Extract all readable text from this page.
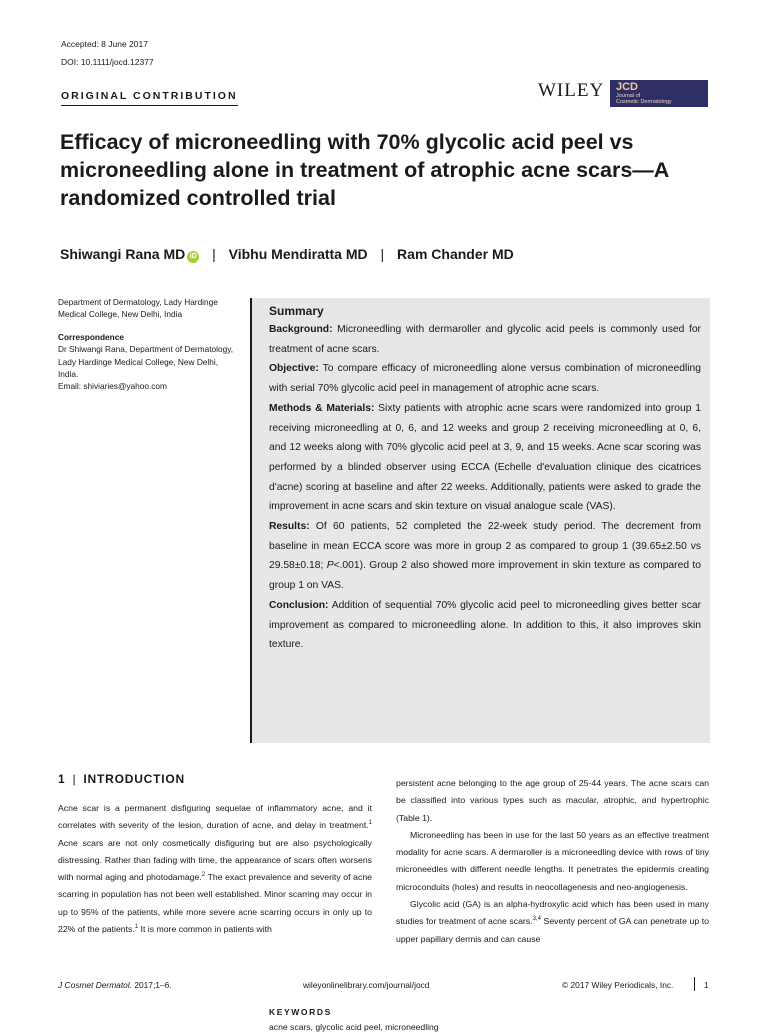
Accepted: 8 June 2017
DOI: 10.1111/jocd.12377
ORIGINAL CONTRIBUTION	WILEY JCD
Journal of
Cosmetic Dermatology
Efficacy of microneedling with 70% glycolic acid peel vs microneedling alone in treatment of atrophic acne scars—A randomized controlled trial
Shiwangi Rana MD iD | Vibhu Mendiratta MD | Ram Chander MD
Department of Dermatology, Lady Hardinge Medical College, New Delhi, India
Correspondence
Dr Shiwangi Rana, Department of Dermatology, Lady Hardinge Medical College, New Delhi, India.
Email: shiviaries@yahoo.com
Summary

Background: Microneedling with dermaroller and glycolic acid peels is commonly used for treatment of acne scars.

Objective: To compare efficacy of microneedling alone versus combination of microneedling with serial 70% glycolic acid peel in management of atrophic acne scars.

Methods & Materials: Sixty patients with atrophic acne scars were randomized into group 1 receiving microneedling at 0, 6, and 12 weeks and group 2 receiving microneedling at 0, 6, and 12 weeks along with 70% glycolic acid peel at 3, 9, and 15 weeks. Acne scar scoring was performed by a blinded observer using ECCA (Echelle d'evaluation clinique des cicatrices d'acne) scoring at baseline and after 22 weeks. Additionally, patients were asked to grade the improvement in acne scars and skin texture on visual analogue scale (VAS).

Results: Of 60 patients, 52 completed the 22-week study period. The decrement from baseline in mean ECCA score was more in group 2 as compared to group 1 (39.65±2.50 vs 29.58±0.18; P<.001). Group 2 also showed more improvement in skin texture as compared to group 1 on VAS.

Conclusion: Addition of sequential 70% glycolic acid peel to microneedling gives better scar improvement as compared to microneedling alone. In addition to this, it also improves skin texture.

KEYWORDS
acne scars, glycolic acid peel, microneedling
1 | INTRODUCTION

Acne scar is a permanent disfiguring sequelae of inflammatory acne, and it correlates with severity of the lesion, duration of acne, and delay in treatment.$^1$ Acne scars are not only cosmetically disfiguring but are also psychologically distressing. Rather than fading with time, the appearance of scars often worsens with normal aging and photodamage.$^2$ The exact prevalence and severity of acne scarring in population has not been well established. Minor scarring may occur in up to 95% of the patients, while more severe acne scarring occurs in only up to 22% of the patients.$^1$ It is more common in patients with

persistent acne belonging to the age group of 25-44 years. The acne scars can be classified into various types such as macular, atrophic, and hypertrophic (Table 1).

Microneedling has been in use for the last 50 years as an effective treatment modality for acne scars. A dermaroller is a microneedling device with rows of tiny microneedles with different needle lengths. It penetrates the epidermis creating microconduits (holes) and results in neocollagenesis and neo-angiogenesis.

Glycolic acid (GA) is an alpha-hydroxylic acid which has been used in many studies for treatment of acne scars.$^{3,4}$ Seventy percent of GA can penetrate up to upper papillary dermis and can cause

J Cosmet Dermatol. 2017;1–6.	wileyonlinelibrary.com/journal/jocd	© 2017 Wiley Periodicals, Inc.	1
